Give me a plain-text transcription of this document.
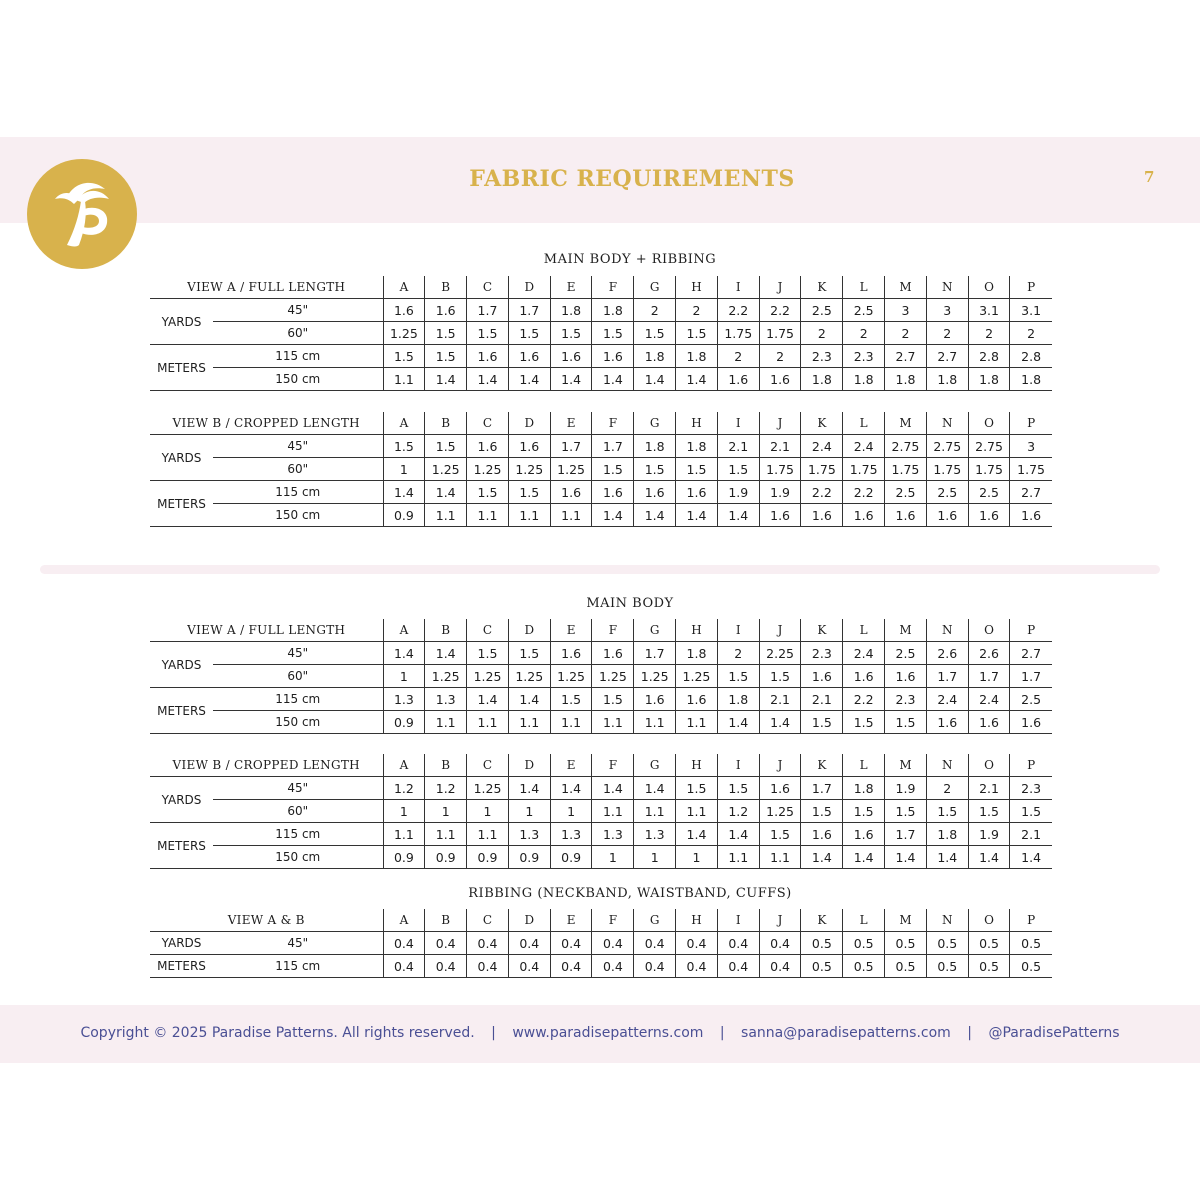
FABRIC REQUIREMENTS	7
MAIN BODY + RIBBING
VIEW A / FULL LENGTH		A	B	C	D	E	F	G	H	I	J	K	L	M	N	O	P
YARDS	45"	1.6	1.6	1.7	1.7	1.8	1.8	2	2	2.2	2.2	2.5	2.5	3	3	3.1	3.1
	60"	1.25	1.5	1.5	1.5	1.5	1.5	1.5	1.5	1.75	1.75	2	2	2	2	2	2
METERS	115 cm	1.5	1.5	1.6	1.6	1.6	1.6	1.8	1.8	2	2	2.3	2.3	2.7	2.7	2.8	2.8
	150 cm	1.1	1.4	1.4	1.4	1.4	1.4	1.4	1.4	1.6	1.6	1.8	1.8	1.8	1.8	1.8	1.8
VIEW B / CROPPED LENGTH		A	B	C	D	E	F	G	H	I	J	K	L	M	N	O	P
YARDS	45"	1.5	1.5	1.6	1.6	1.7	1.7	1.8	1.8	2.1	2.1	2.4	2.4	2.75	2.75	2.75	3
	60"	1	1.25	1.25	1.25	1.25	1.5	1.5	1.5	1.5	1.75	1.75	1.75	1.75	1.75	1.75	1.75
METERS	115 cm	1.4	1.4	1.5	1.5	1.6	1.6	1.6	1.6	1.9	1.9	2.2	2.2	2.5	2.5	2.5	2.7
	150 cm	0.9	1.1	1.1	1.1	1.1	1.4	1.4	1.4	1.4	1.6	1.6	1.6	1.6	1.6	1.6	1.6
MAIN BODY
VIEW A / FULL LENGTH		A	B	C	D	E	F	G	H	I	J	K	L	M	N	O	P
YARDS	45"	1.4	1.4	1.5	1.5	1.6	1.6	1.7	1.8	2	2.25	2.3	2.4	2.5	2.6	2.6	2.7
	60"	1	1.25	1.25	1.25	1.25	1.25	1.25	1.25	1.5	1.5	1.6	1.6	1.6	1.7	1.7	1.7
METERS	115 cm	1.3	1.3	1.4	1.4	1.5	1.5	1.6	1.6	1.8	2.1	2.1	2.2	2.3	2.4	2.4	2.5
	150 cm	0.9	1.1	1.1	1.1	1.1	1.1	1.1	1.1	1.4	1.4	1.5	1.5	1.5	1.6	1.6	1.6
VIEW B / CROPPED LENGTH		A	B	C	D	E	F	G	H	I	J	K	L	M	N	O	P
YARDS	45"	1.2	1.2	1.25	1.4	1.4	1.4	1.4	1.5	1.5	1.6	1.7	1.8	1.9	2	2.1	2.3
	60"	1	1	1	1	1	1.1	1.1	1.1	1.2	1.25	1.5	1.5	1.5	1.5	1.5	1.5
METERS	115 cm	1.1	1.1	1.1	1.3	1.3	1.3	1.3	1.4	1.4	1.5	1.6	1.6	1.7	1.8	1.9	2.1
	150 cm	0.9	0.9	0.9	0.9	0.9	1	1	1	1.1	1.1	1.4	1.4	1.4	1.4	1.4	1.4
RIBBING (NECKBAND, WAISTBAND, CUFFS)
VIEW A & B		A	B	C	D	E	F	G	H	I	J	K	L	M	N	O	P
YARDS	45"	0.4	0.4	0.4	0.4	0.4	0.4	0.4	0.4	0.4	0.4	0.5	0.5	0.5	0.5	0.5	0.5
METERS	115 cm	0.4	0.4	0.4	0.4	0.4	0.4	0.4	0.4	0.4	0.4	0.5	0.5	0.5	0.5	0.5	0.5
Copyright © 2025 Paradise Patterns. All rights reserved. | www.paradisepatterns.com | sanna@paradisepatterns.com | @ParadisePatterns
